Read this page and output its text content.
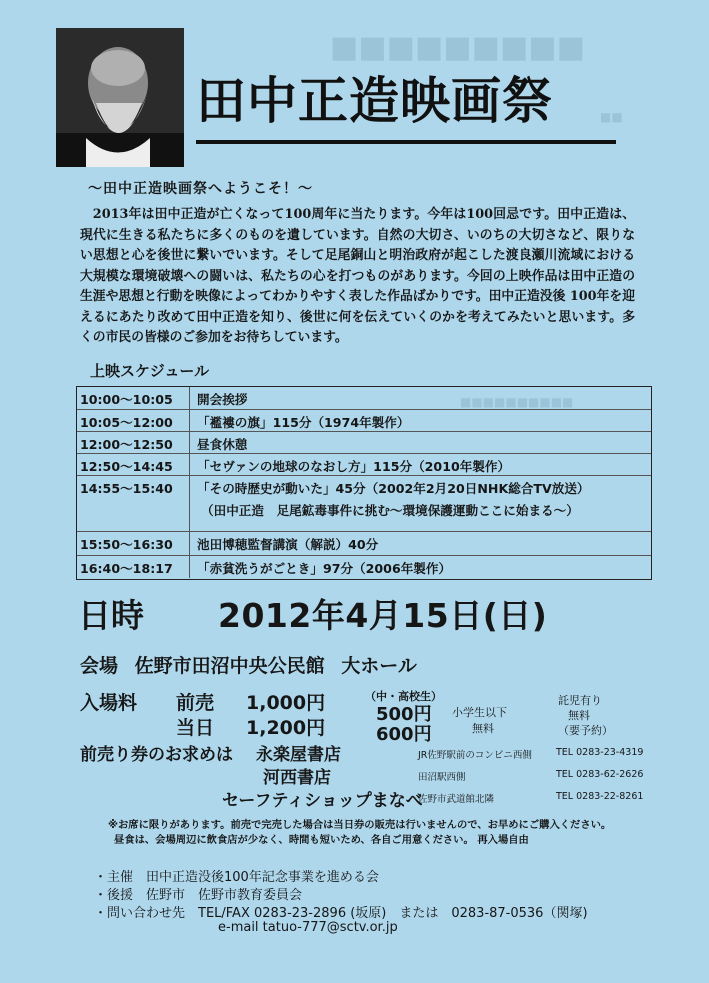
■■■■■■■■■
■■■■■■■■■■
■■
田中正造映画祭
～田中正造映画祭へようこそ！～

2013年は田中正造が亡くなって100周年に当たります。今年は100回忌です。田中正造は、現代に生きる私たちに多くのものを遺しています。自然の大切さ、いのちの大切さなど、限りない思想と心を後世に繋いでいます。そして足尾銅山と明治政府が起こした渡良瀬川流域における大規模な環境破壊への闘いは、私たちの心を打つものがあります。今回の上映作品は田中正造の生涯や思想と行動を映像によってわかりやすく表した作品ばかりです。田中正造没後 100年を迎えるにあたり改めて田中正造を知り、後世に何を伝えていくのかを考えてみたいと思います。多くの市民の皆様のご参加をお待ちしています。

上映スケジュール
10:00～10:05 開会挨拶
10:05～12:00 「襤褸の旗」115分（1974年製作）
12:00～12:50 昼食休憩
12:50～14:45 「セヴァンの地球のなおし方」115分（2010年製作）
14:55～15:40 「その時歴史が動いた」45分（2002年2月20日NHK総合TV放送）
（田中正造　足尾鉱毒事件に挑む～環境保護運動ここに始まる～）
15:50～16:30 池田博穂監督講演（解説）40分
16:40～18:17 「赤貧洗うがごとき」97分（2006年製作）
日時 2012年4月15日(日)
会場 佐野市田沼中央公民館 大ホール
入場料 前売 1,000円
当日 1,200円
（中・高校生）
500円
600円
小学生以下
無料
託児有り
無料
（要予約）
前売り券のお求めは 永楽屋書店
河西書店
セーフティショップまなべ
JR佐野駅前のコンビニ西側
田沼駅西側
佐野市武道館北隣
TEL 0283-23-4319
TEL 0283-62-2626
TEL 0283-22-8261

※お席に限りがあります。前売で完売した場合は当日券の販売は行いませんので、お早めにご購入ください。

昼食は、会場周辺に飲食店が少なく、時間も短いため、各自ご用意ください。 再入場自由

・主催　田中正造没後100年記念事業を進める会
・後援　佐野市　佐野市教育委員会
・問い合わせ先　TEL/FAX 0283-23-2896 (坂原)　または　0283-87-0536（関塚)
e-mail tatuo-777@sctv.or.jp
